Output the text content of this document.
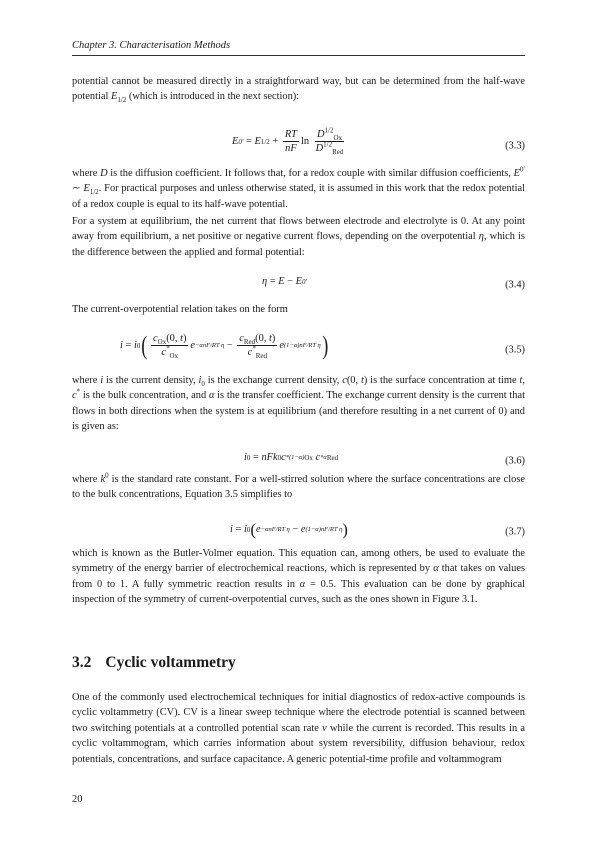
Chapter 3. Characterisation Methods

potential cannot be measured directly in a straightforward way, but can be determined from the half-wave potential $E_{1/2}$ (which is introduced in the next section):

E 0′ = E $1/2 + \frac{RT}{nF}$ $\ln \frac{D^{1/2}_{Ox}}{D^{1/2}_{Red}}$	(3.3)

where D is the diffusion coefficient. It follows that, for a redox couple with similar diffusion coefficients, $E^{0'}$ ∼ $E_{1/2}$. For practical purposes and unless otherwise stated, it is assumed in this work that the redox potential of a redox couple is equal to its half-wave potential.

For a system at equilibrium, the net current that flows between electrode and electrolyte is 0. At any point away from equilibrium, a net positive or negative current flows, depending on the overpotential η, which is the difference between the applied and formal potential:

η = E − E 0′	(3.4)

The current-overpotential relation takes on the form

i = i 0 ( $\frac{c_{Ox}(0, t)}{c^*_{Ox}}$ e −αnF/RT $\eta - \frac{c_{Red}(0, t)}{c^*_{Red}}$ e (1−α)nF/RT η )	(3.5)

where i is the current density, $i_0$ is the exchange current density, c(0, t) is the surface concentration at time t, c* is the bulk concentration, and α is the transfer coefficient. The exchange current density is the current that flows in both directions when the system is at equilibrium (and therefore resulting in a net current of 0) and is given as:

i 0 = nFk 0 c *(1−α) Ox c *α Red	(3.6)

where $k^0$ is the standard rate constant. For a well-stirred solution where the surface concentrations are close to the bulk concentrations, Equation 3.5 simplifies to

i = i 0 ( e −αnF/RT η − e (1−α)nF/RT η )	(3.7)

which is known as the Butler-Volmer equation. This equation can, among others, be used to evaluate the symmetry of the energy barrier of electrochemical reactions, which is represented by α that takes on values from 0 to 1. A fully symmetric reaction results in α = 0.5. This evaluation can be done by graphical inspection of the symmetry of current-overpotential curves, such as the ones shown in Figure 3.1.

3.2 Cyclic voltammetry

One of the commonly used electrochemical techniques for initial diagnostics of redox-active compounds is cyclic voltammetry (CV). CV is a linear sweep technique where the electrode potential is scanned between two switching potentials at a controlled potential scan rate ν while the current is recorded. This results in a cyclic voltammogram, which carries information about system reversibility, diffusion behaviour, redox potentials, concentrations, and surface capacitance. A generic potential-time profile and voltammogram

20
